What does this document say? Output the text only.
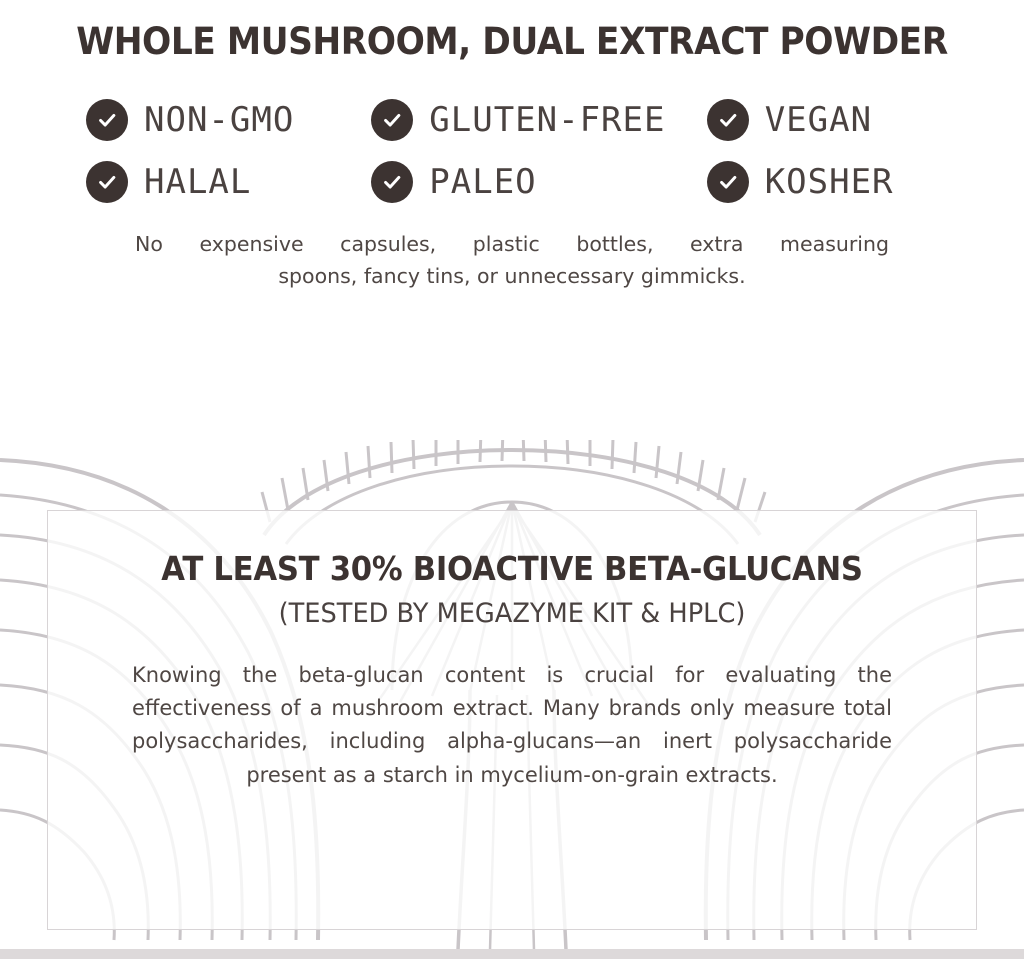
WHOLE MUSHROOM, DUAL EXTRACT POWDER
NON-GMO	GLUTEN-FREE	VEGAN
HALAL	PALEO	KOSHER
No expensive capsules, plastic bottles, extra measuring
spoons, fancy tins, or unnecessary gimmicks.
AT LEAST 30% BIOACTIVE BETA-GLUCANS
(TESTED BY MEGAZYME KIT & HPLC)
Knowing the beta-glucan content is crucial for evaluating the effectiveness of a mushroom extract. Many brands only measure total polysaccharides, including alpha-glucans—an inert polysaccharide present as a starch in mycelium-on-grain extracts.
